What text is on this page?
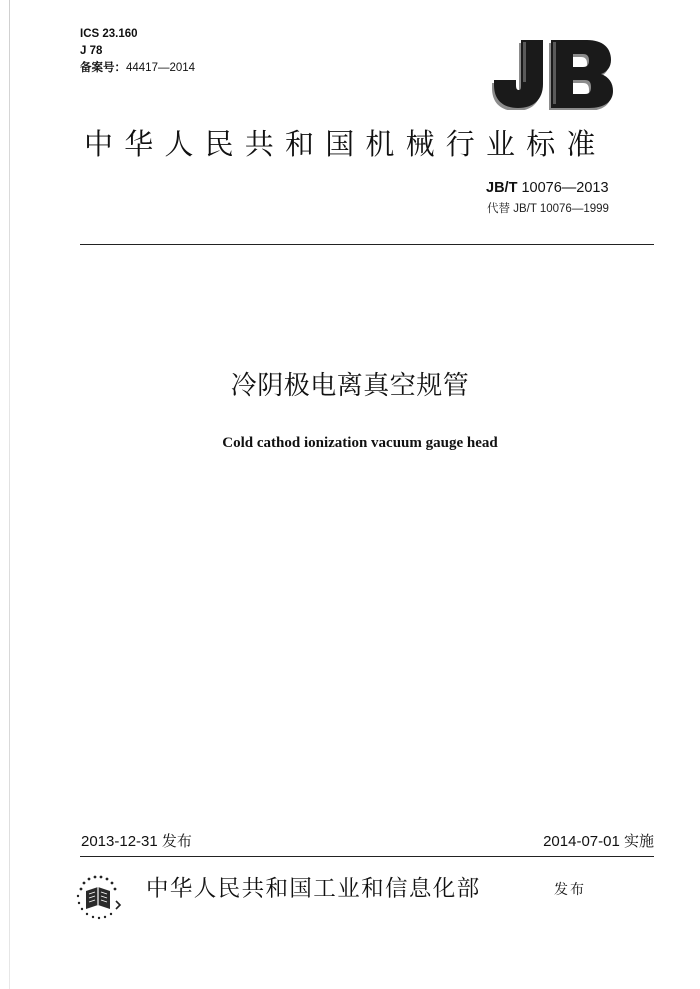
ICS 23.160
J 78
备案号：44417—2014
中华人民共和国机械行业标准
JB/T 10076—2013
代替 JB/T 10076—1999
冷阴极电离真空规管
Cold cathod ionization vacuum gauge head
2013-12-31 发布	2014-07-01 实施
中华人民共和国工业和信息化部	发布
